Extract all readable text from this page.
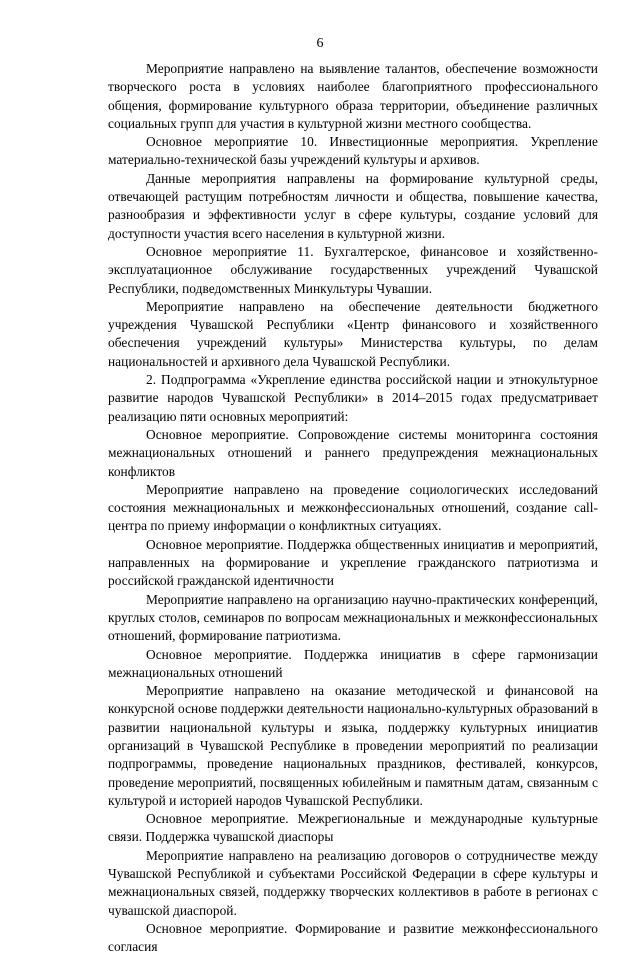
6

Мероприятие направлено на выявление талантов, обеспечение возможности творческого роста в условиях наиболее благоприятного профессионального общения, формирование культурного образа территории, объединение различных социальных групп для участия в культурной жизни местного сообщества.

Основное мероприятие 10. Инвестиционные мероприятия. Укрепление материально-технической базы учреждений культуры и архивов.

Данные мероприятия направлены на формирование культурной среды, отвечающей растущим потребностям личности и общества, повышение качества, разнообразия и эффективности услуг в сфере культуры, создание условий для доступности участия всего населения в культурной жизни.

Основное мероприятие 11. Бухгалтерское, финансовое и хозяйственно-эксплуатационное обслуживание государственных учреждений Чувашской Республики, подведомственных Минкультуры Чувашии.

Мероприятие направлено на обеспечение деятельности бюджетного учреждения Чувашской Республики «Центр финансового и хозяйственного обеспечения учреждений культуры» Министерства культуры, по делам национальностей и архивного дела Чувашской Республики.

2. Подпрограмма «Укрепление единства российской нации и этнокультурное развитие народов Чувашской Республики» в 2014–2015 годах предусматривает реализацию пяти основных мероприятий:

Основное мероприятие. Сопровождение системы мониторинга состояния межнациональных отношений и раннего предупреждения межнациональных конфликтов

Мероприятие направлено на проведение социологических исследований состояния межнациональных и межконфессиональных отношений, создание call-центра по приему информации о конфликтных ситуациях.

Основное мероприятие. Поддержка общественных инициатив и мероприятий, направленных на формирование и укрепление гражданского патриотизма и российской гражданской идентичности

Мероприятие направлено на организацию научно-практических конференций, круглых столов, семинаров по вопросам межнациональных и межконфессиональных отношений, формирование патриотизма.

Основное мероприятие. Поддержка инициатив в сфере гармонизации межнациональных отношений

Мероприятие направлено на оказание методической и финансовой на конкурсной основе поддержки деятельности национально-культурных образований в развитии национальной культуры и языка, поддержку культурных инициатив организаций в Чувашской Республике в проведении мероприятий по реализации подпрограммы, проведение национальных праздников, фестивалей, конкурсов, проведение мероприятий, посвященных юбилейным и памятным датам, связанным с культурой и историей народов Чувашской Республики.

Основное мероприятие. Межрегиональные и международные культурные связи. Поддержка чувашской диаспоры

Мероприятие направлено на реализацию договоров о сотрудничестве между Чувашской Республикой и субъектами Российской Федерации в сфере культуры и межнациональных связей, поддержку творческих коллективов в работе в регионах с чувашской диаспорой.

Основное мероприятие. Формирование и развитие межконфессионального согласия
